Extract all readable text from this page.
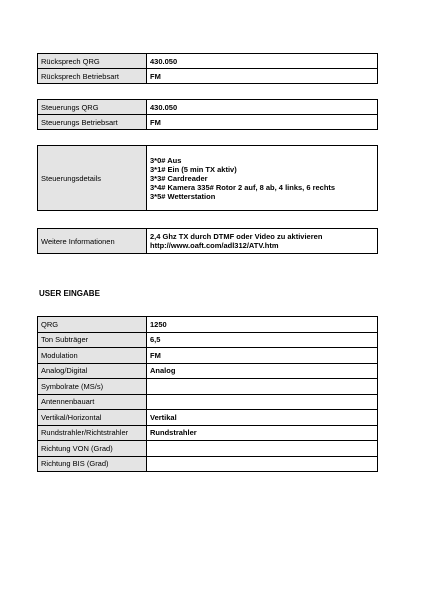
Rücksprech QRG	430.050
Rücksprech Betriebsart	FM
Steuerungs QRG	430.050
Steuerungs Betriebsart	FM
Steuerungsdetails	
3*0# Aus
3*1# Ein (5 min TX aktiv)
3*3# Cardreader
3*4# Kamera 335# Rotor 2 auf, 8 ab, 4 links, 6 rechts
3*5# Wetterstation
Weitere Informationen	2,4 Ghz TX durch DTMF oder Video zu aktivieren
http://www.oaft.com/adl312/ATV.htm
USER EINGABE
QRG	1250
Ton Subträger	6,5
Modulation	FM
Analog/Digital	Analog
Symbolrate (MS/s)	
Antennenbauart	
Vertikal/Horizontal	Vertikal
Rundstrahler/Richtstrahler	Rundstrahler
Richtung VON (Grad)	
Richtung BIS (Grad)	
